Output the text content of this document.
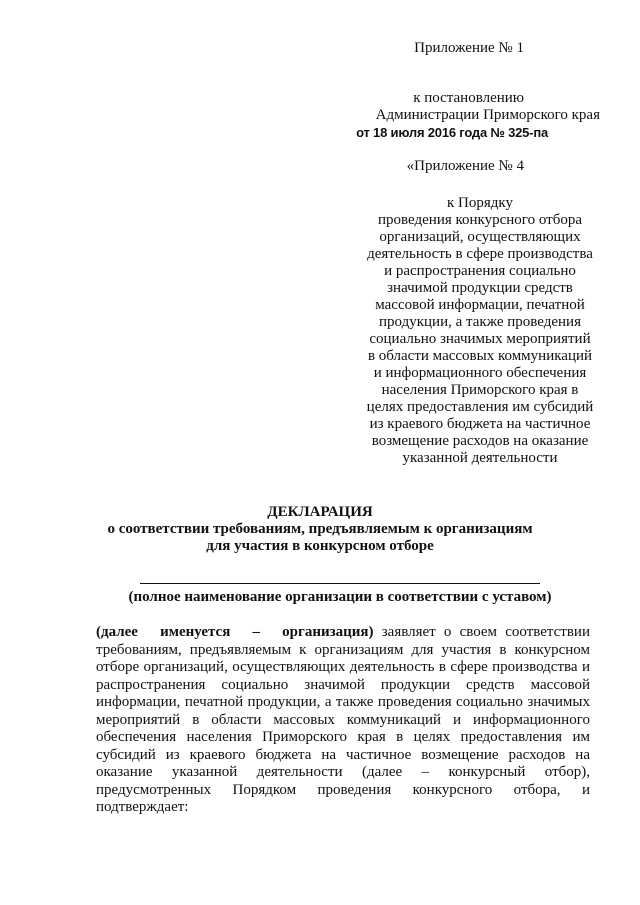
Приложение № 1
к постановлению
Администрации Приморского края
от 18 июля 2016 года № 325-па
«Приложение № 4
к Порядку
проведения конкурсного отбора
организаций, осуществляющих
деятельность в сфере производства
и распространения социально
значимой продукции средств
массовой информации, печатной
продукции, а также проведения
социально значимых мероприятий
в области массовых коммуникаций
и информационного обеспечения
населения Приморского края в
целях предоставления им субсидий
из краевого бюджета на частичное
возмещение расходов на оказание
указанной деятельности
ДЕКЛАРАЦИЯ
о соответствии требованиям, предъявляемым к организациям
для участия в конкурсном отборе
(полное наименование организации в соответствии с уставом)
(далее именуется – организация) заявляет о своем соответствии требованиям, предъявляемым к организациям для участия в конкурсном отборе организаций, осуществляющих деятельность в сфере производства и распространения социально значимой продукции средств массовой информации, печатной продукции, а также проведения социально значимых мероприятий в области массовых коммуникаций и информационного обеспечения населения Приморского края в целях предоставления им субсидий из краевого бюджета на частичное возмещение расходов на оказание указанной деятельности (далее – конкурсный отбор), предусмотренных Порядком проведения конкурсного отбора, и подтверждает:
